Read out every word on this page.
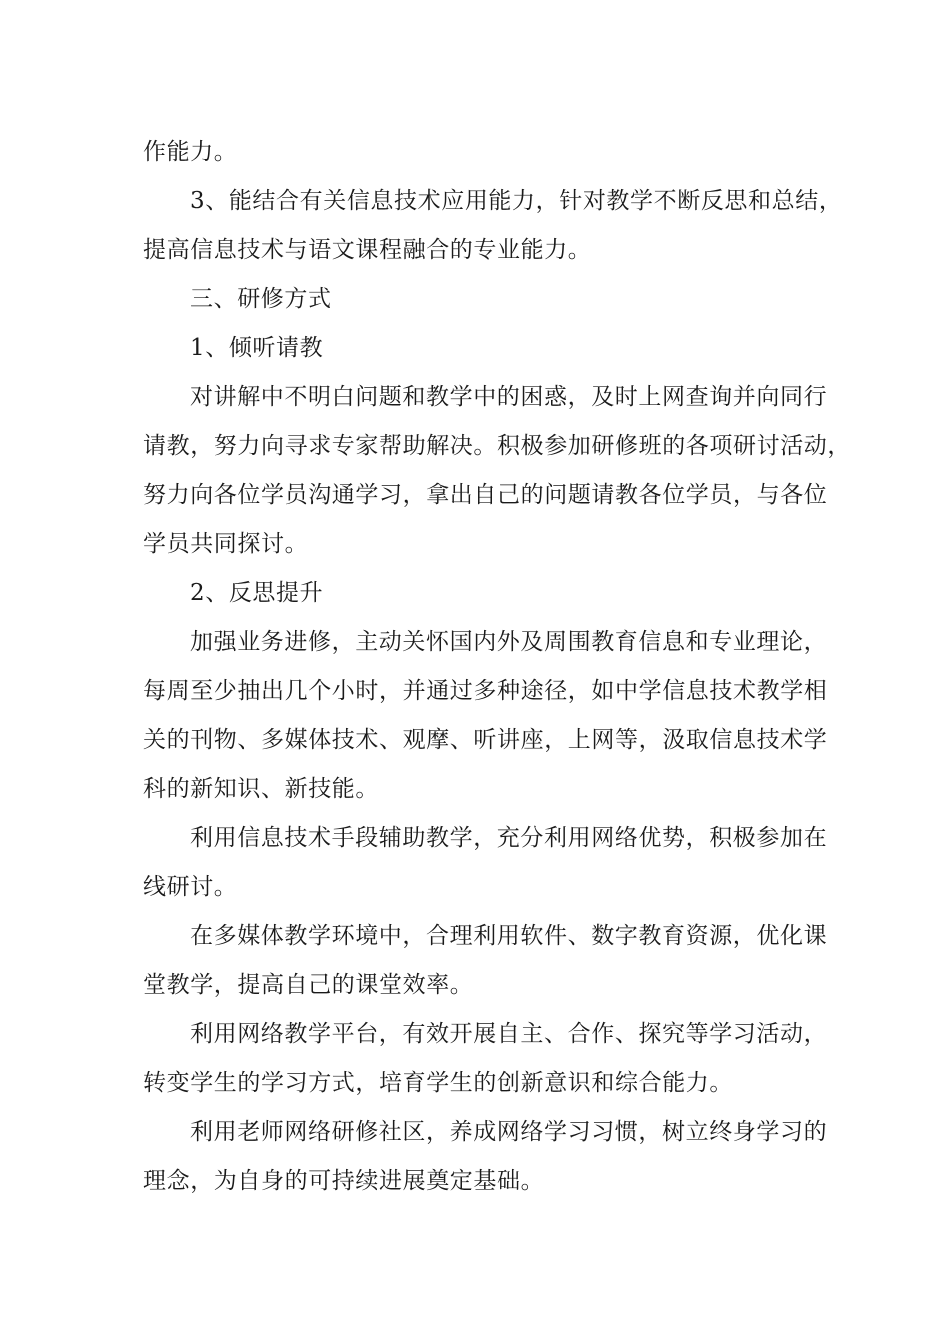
作能力。
3、能结合有关信息技术应用能力，针对教学不断反思和总结，
提高信息技术与语文课程融合的专业能力。
三、研修方式
1、倾听请教
对讲解中不明白问题和教学中的困惑，及时上网查询并向同行
请教，努力向寻求专家帮助解决。积极参加研修班的各项研讨活动，
努力向各位学员沟通学习，拿出自己的问题请教各位学员，与各位
学员共同探讨。
2、反思提升
加强业务进修，主动关怀国内外及周围教育信息和专业理论，
每周至少抽出几个小时，并通过多种途径，如中学信息技术教学相
关的刊物、多媒体技术、观摩、听讲座，上网等，汲取信息技术学
科的新知识、新技能。
利用信息技术手段辅助教学，充分利用网络优势，积极参加在
线研讨。
在多媒体教学环境中，合理利用软件、数字教育资源，优化课
堂教学，提高自己的课堂效率。
利用网络教学平台，有效开展自主、合作、探究等学习活动，
转变学生的学习方式，培育学生的创新意识和综合能力。
利用老师网络研修社区，养成网络学习习惯，树立终身学习的
理念，为自身的可持续进展奠定基础。
